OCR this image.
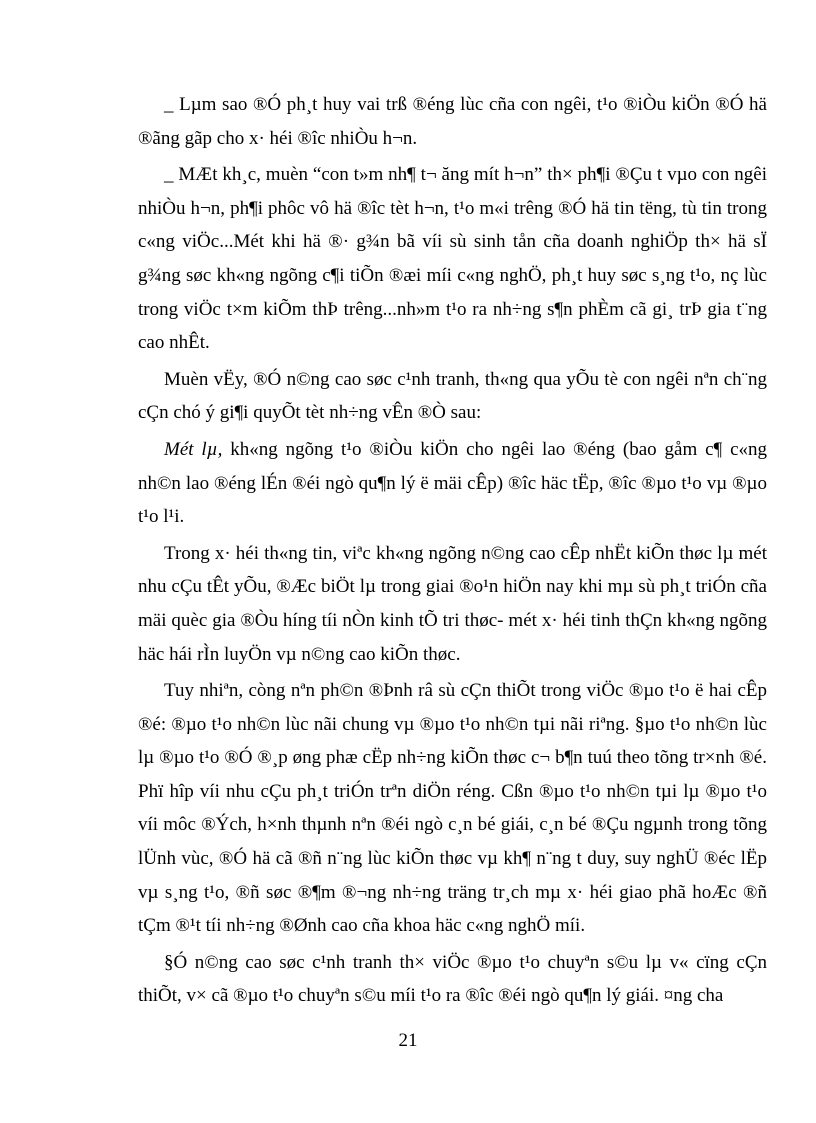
_ Lµm sao ®Ó ph¸t huy vai trß ®éng lùc cña con ngêi, t¹o ®iÒu kiÖn ®Ó hä ®ãng gãp cho x· héi ®îc nhiÒu h¬n.

_ MÆt kh¸c, muèn “con t»m nh¶ t¬ ăng mít h¬n” th× ph¶i ®Çu t vµo con ngêi nhiÒu h¬n, ph¶i phôc vô hä ®îc tèt h¬n, t¹o m«i trêng ®Ó hä tin tëng, tù tin trong c«ng viÖc...Mét khi hä ®· g¾n bã víi sù sinh tån cña doanh nghiÖp th× hä sÏ g¾ng søc kh«ng ngõng c¶i tiÕn ®æi míi c«ng nghÖ, ph¸t huy søc s¸ng t¹o, nç lùc trong viÖc t×m kiÕm thÞ trêng...nh»m t¹o ra nh÷ng s¶n phÈm cã gi¸ trÞ gia t¨ng cao nhÊt.

Muèn vËy, ®Ó n©ng cao søc c¹nh tranh, th«ng qua yÕu tè con ngêi nªn ch¨ng cÇn chó ý gi¶i quyÕt tèt nh÷ng vÊn ®Ò sau:

Mét lµ, kh«ng ngõng t¹o ®iÒu kiÖn cho ngêi lao ®éng (bao gåm c¶ c«ng nh©n lao ®éng lÉn ®éi ngò qu¶n lý ë mäi cÊp) ®îc häc tËp, ®îc ®µo t¹o vµ ®µo t¹o l¹i.

Trong x· héi th«ng tin, viªc kh«ng ngõng n©ng cao cÊp nhËt kiÕn thøc lµ mét nhu cÇu tÊt yÕu, ®Æc biÖt lµ trong giai ®o¹n hiÖn nay khi mµ sù ph¸t triÓn cña mäi quèc gia ®Òu híng tíi nÒn kinh tÕ tri thøc- mét x· héi tinh thÇn kh«ng ngõng häc hái rÌn luyÖn vµ n©ng cao kiÕn thøc.

Tuy nhiªn, còng nªn ph©n ®Þnh râ sù cÇn thiÕt trong viÖc ®µo t¹o ë hai cÊp ®é: ®µo t¹o nh©n lùc nãi chung vµ ®µo t¹o nh©n tµi nãi riªng. §µo t¹o nh©n lùc lµ ®µo t¹o ®Ó ®¸p øng phæ cËp nh÷ng kiÕn thøc c¬ b¶n tuú theo tõng tr×nh ®é. Phï hîp víi nhu cÇu ph¸t triÓn trªn diÖn réng. Cßn ®µo t¹o nh©n tµi lµ ®µo t¹o víi môc ®Ých, h×nh thµnh nªn ®éi ngò c¸n bé giái, c¸n bé ®Çu ngµnh trong tõng lÜnh vùc, ®Ó hä cã ®ñ n¨ng lùc kiÕn thøc vµ kh¶ n¨ng t duy, suy nghÜ ®éc lËp vµ s¸ng t¹o, ®ñ søc ®¶m ®¬ng nh÷ng träng tr¸ch mµ x· héi giao phã hoÆc ®ñ tÇm ®¹t tíi nh÷ng ®Ønh cao cña khoa häc c«ng nghÖ míi.

§Ó n©ng cao søc c¹nh tranh th× viÖc ®µo t¹o chuyªn s©u lµ v« cïng cÇn thiÕt, v× cã ®µo t¹o chuyªn s©u míi t¹o ra ®îc ®éi ngò qu¶n lý giái. ¤ng cha

21
